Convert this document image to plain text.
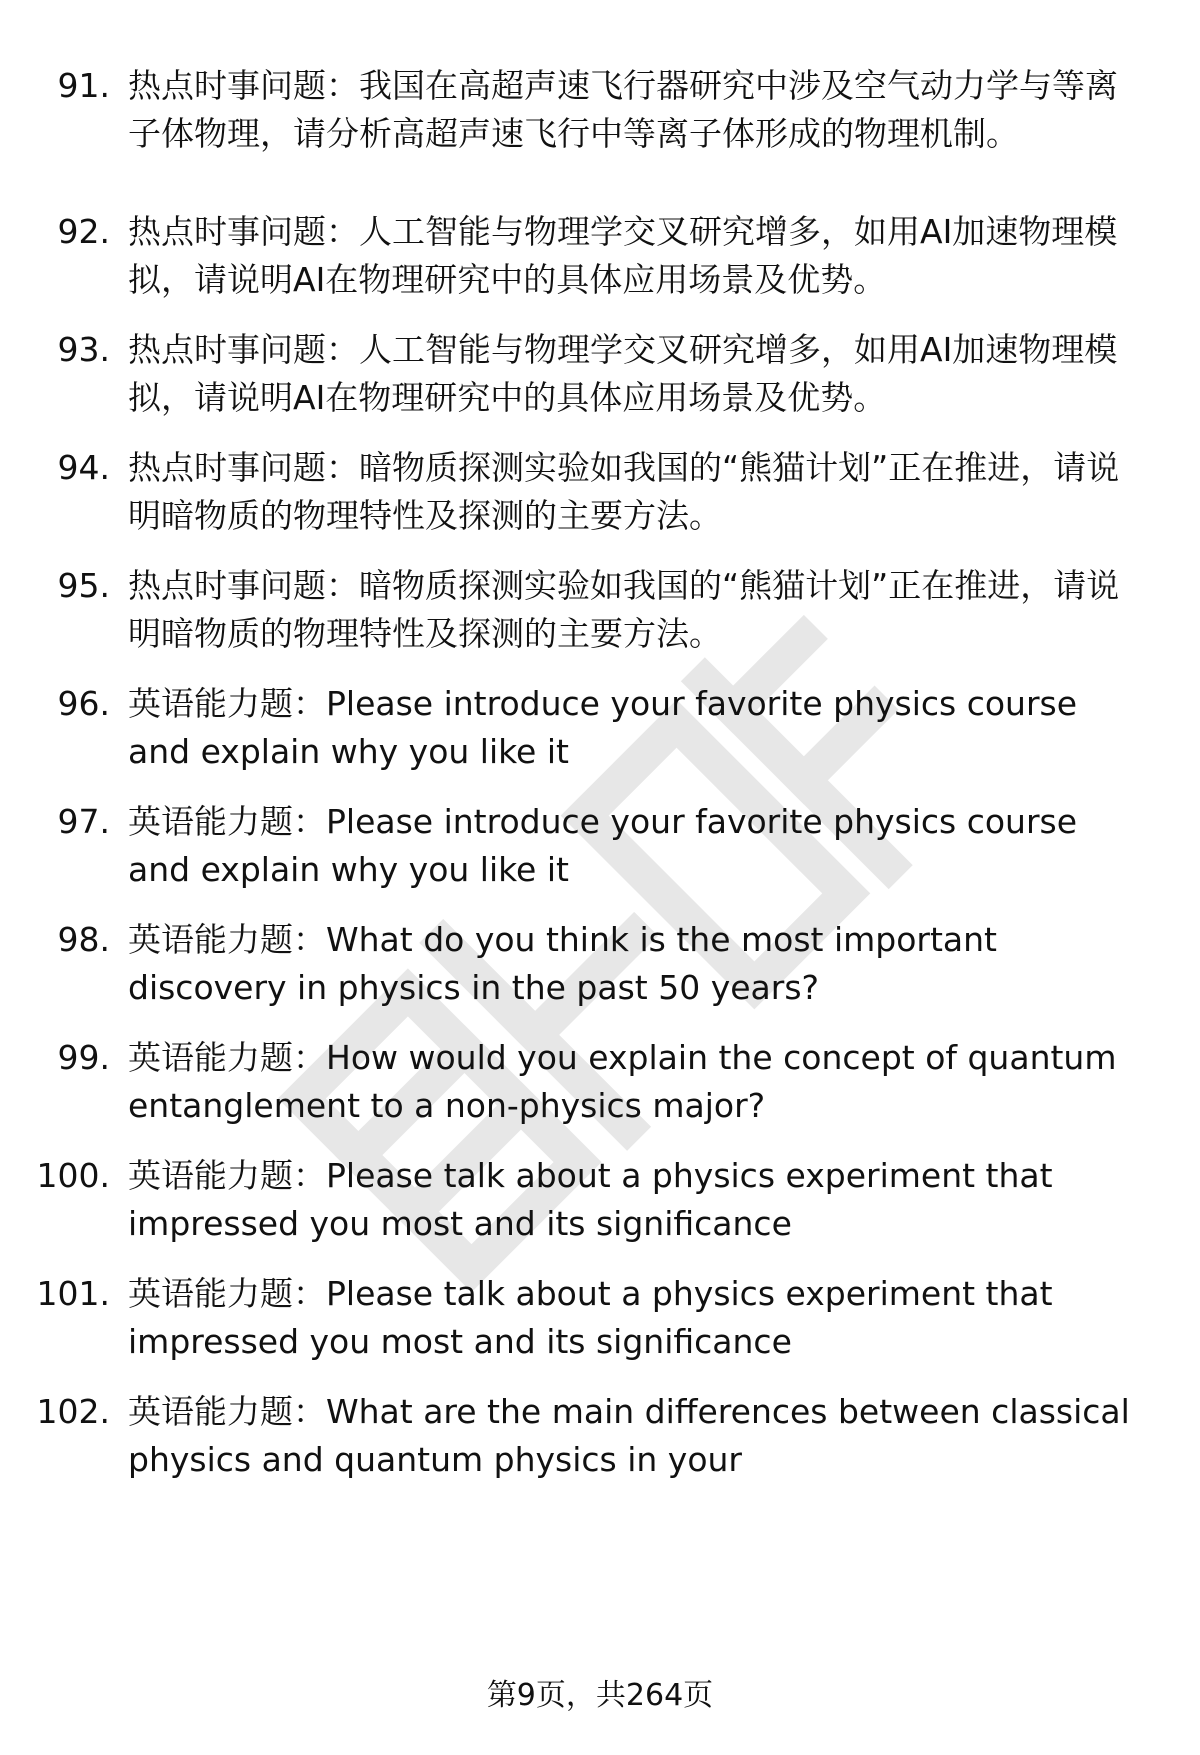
91. 热点时事问题：我国在高超声速飞行器研究中涉及空气动力学与等离子体物理，请分析高超声速飞行中等离子体形成的物理机制。
92. 热点时事问题：人工智能与物理学交叉研究增多，如用AI加速物理模拟，请说明AI在物理研究中的具体应用场景及优势。
93. 热点时事问题：人工智能与物理学交叉研究增多，如用AI加速物理模拟，请说明AI在物理研究中的具体应用场景及优势。
94. 热点时事问题：暗物质探测实验如我国的“熊猫计划”正在推进，请说明暗物质的物理特性及探测的主要方法。
95. 热点时事问题：暗物质探测实验如我国的“熊猫计划”正在推进，请说明暗物质的物理特性及探测的主要方法。
96. 英语能力题：Please introduce your favorite physics course and explain why you like it
97. 英语能力题：Please introduce your favorite physics course and explain why you like it
98. 英语能力题：What do you think is the most important discovery in physics in the past 50 years?
99. 英语能力题：How would you explain the concept of quantum entanglement to a non-physics major?
100. 英语能力题：Please talk about a physics experiment that impressed you most and its significance
101. 英语能力题：Please talk about a physics experiment that impressed you most and its significance
102. 英语能力题：What are the main differences between classical physics and quantum physics in your
第9页，共264页
